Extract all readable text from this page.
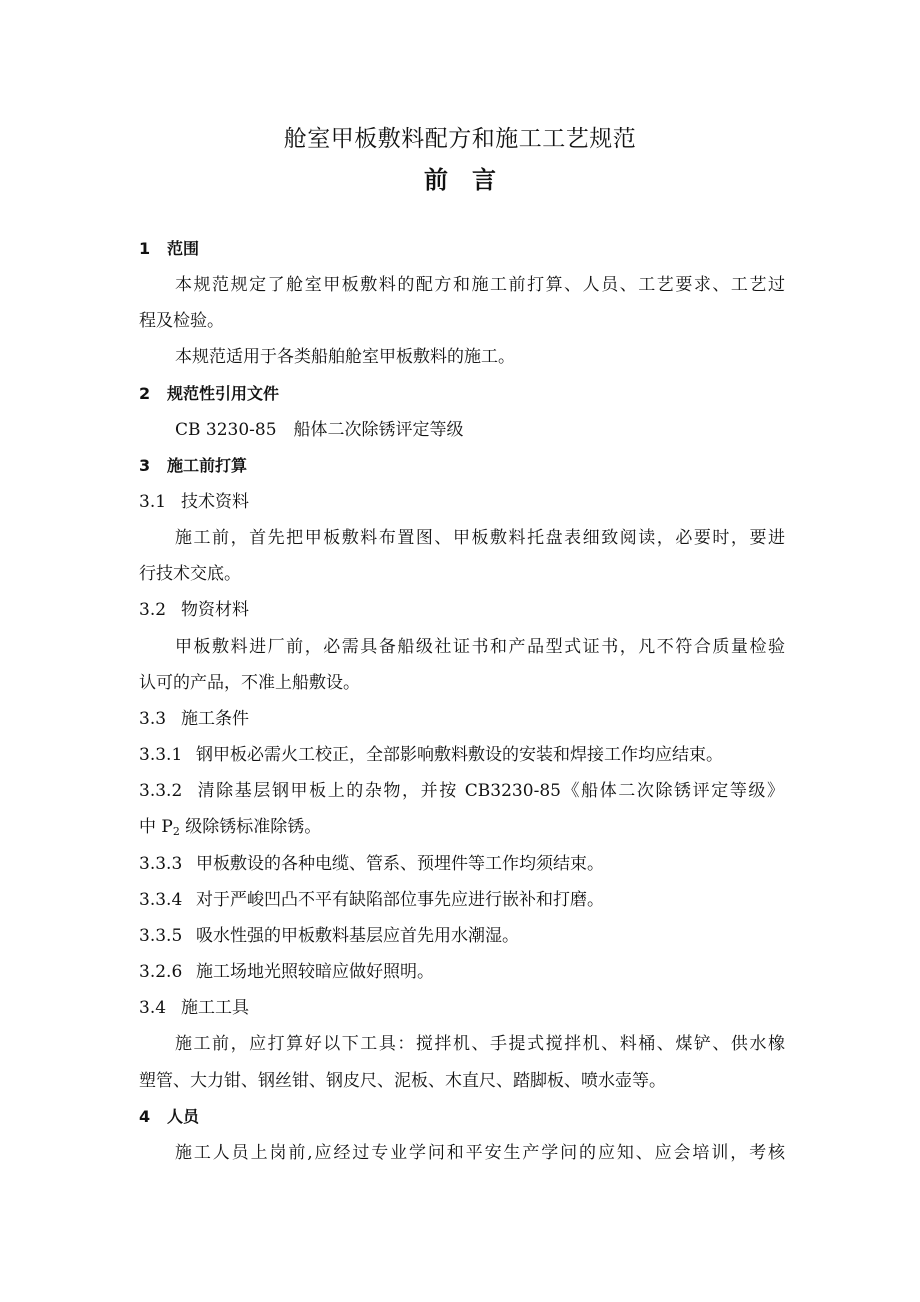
舱室甲板敷料配方和施工工艺规范
前　言
1 范围
本规范规定了舱室甲板敷料的配方和施工前打算、人员、工艺要求、工艺过
程及检验。
本规范适用于各类船舶舱室甲板敷料的施工。
2 规范性引用文件
CB 3230-85　船体二次除锈评定等级
3 施工前打算
3.1 技术资料
施工前，首先把甲板敷料布置图、甲板敷料托盘表细致阅读，必要时，要进
行技术交底。
3.2 物资材料
甲板敷料进厂前，必需具备船级社证书和产品型式证书，凡不符合质量检验
认可的产品，不准上船敷设。
3.3 施工条件
3.3.1 钢甲板必需火工校正，全部影响敷料敷设的安装和焊接工作均应结束。
3.3.2 清除基层钢甲板上的杂物，并按 CB3230-85《船体二次除锈评定等级》
中 $P_2$ 级除锈标准除锈。
3.3.3 甲板敷设的各种电缆、管系、预埋件等工作均须结束。
3.3.4 对于严峻凹凸不平有缺陷部位事先应进行嵌补和打磨。
3.3.5 吸水性强的甲板敷料基层应首先用水潮湿。
3.2.6 施工场地光照较暗应做好照明。
3.4 施工工具
施工前，应打算好以下工具：搅拌机、手提式搅拌机、料桶、煤铲、供水橡
塑管、大力钳、钢丝钳、钢皮尺、泥板、木直尺、踏脚板、喷水壶等。
4 人员
施工人员上岗前,应经过专业学问和平安生产学问的应知、应会培训，考核
